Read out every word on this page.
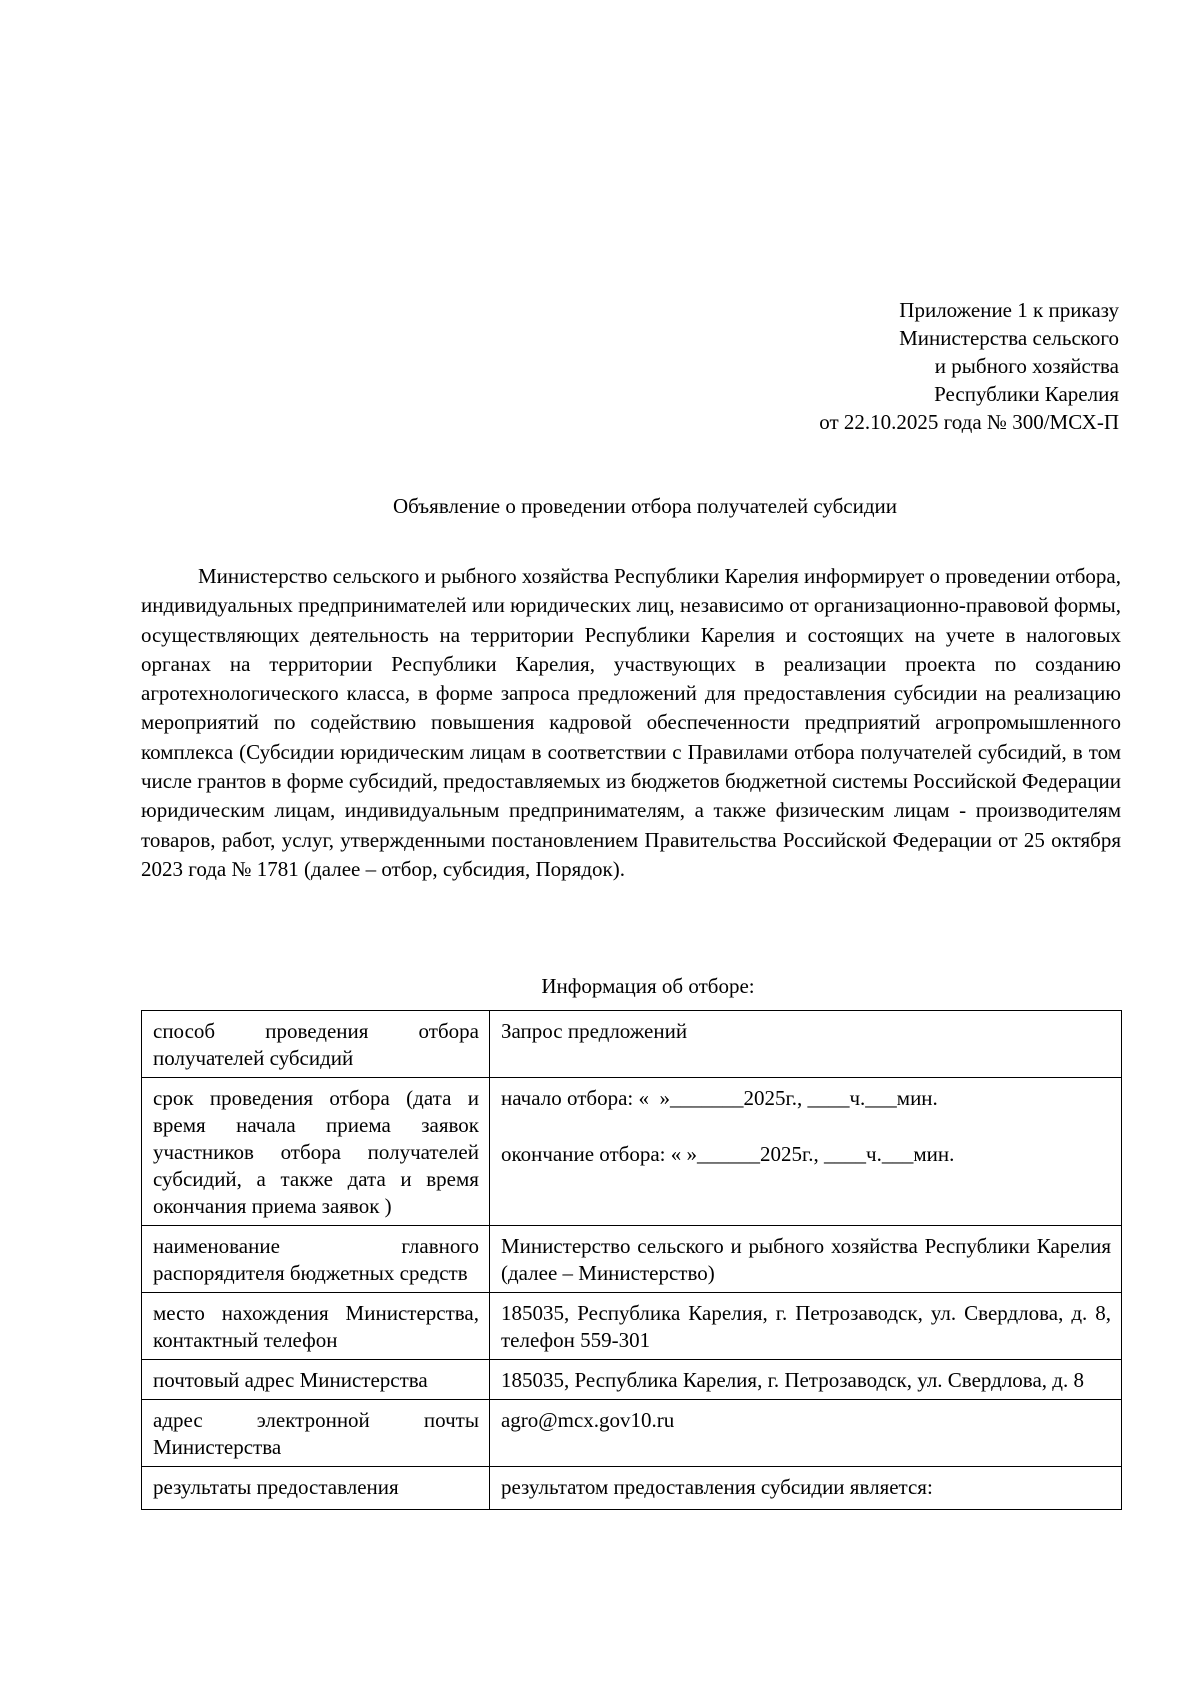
Приложение 1 к приказу
Министерства сельского
и рыбного хозяйства
Республики Карелия
от 22.10.2025 года № 300/МСХ-П
Объявление о проведении отбора получателей субсидии

Министерство сельского и рыбного хозяйства Республики Карелия информирует о проведении отбора, индивидуальных предпринимателей или юридических лиц, независимо от организационно-правовой формы, осуществляющих деятельность на территории Республики Карелия и состоящих на учете в налоговых органах на территории Республики Карелия, участвующих в реализации проекта по созданию агротехнологического класса, в форме запроса предложений для предоставления субсидии на реализацию мероприятий по содействию повышения кадровой обеспеченности предприятий агропромышленного комплекса (Субсидии юридическим лицам в соответствии с Правилами отбора получателей субсидий, в том числе грантов в форме субсидий, предоставляемых из бюджетов бюджетной системы Российской Федерации юридическим лицам, индивидуальным предпринимателям, а также физическим лицам - производителям товаров, работ, услуг, утвержденными постановлением Правительства Российской Федерации от 25 октября 2023 года № 1781 (далее – отбор, субсидия, Порядок).

Информация об отборе:
способ проведения отбора получателей субсидий	Запрос предложений
срок проведения отбора (дата и время начала приема заявок участников отбора получателей субсидий, а также дата и время окончания приема заявок )	начало отбора: «  »_______2025г., ____ч.___мин.
окончание отбора: « »______2025г., ____ч.___мин.

наименование главного распорядителя бюджетных средств	Министерство сельского и рыбного хозяйства Республики Карелия (далее – Министерство)
место нахождения Министерства, контактный телефон	185035, Республика Карелия, г. Петрозаводск, ул. Свердлова, д. 8, телефон 559-301
почтовый адрес Министерства	185035, Республика Карелия, г. Петрозаводск, ул. Свердлова, д. 8
адрес электронной почты Министерства	agro@mcx.gov10.ru
результаты предоставления	результатом предоставления субсидии является:
